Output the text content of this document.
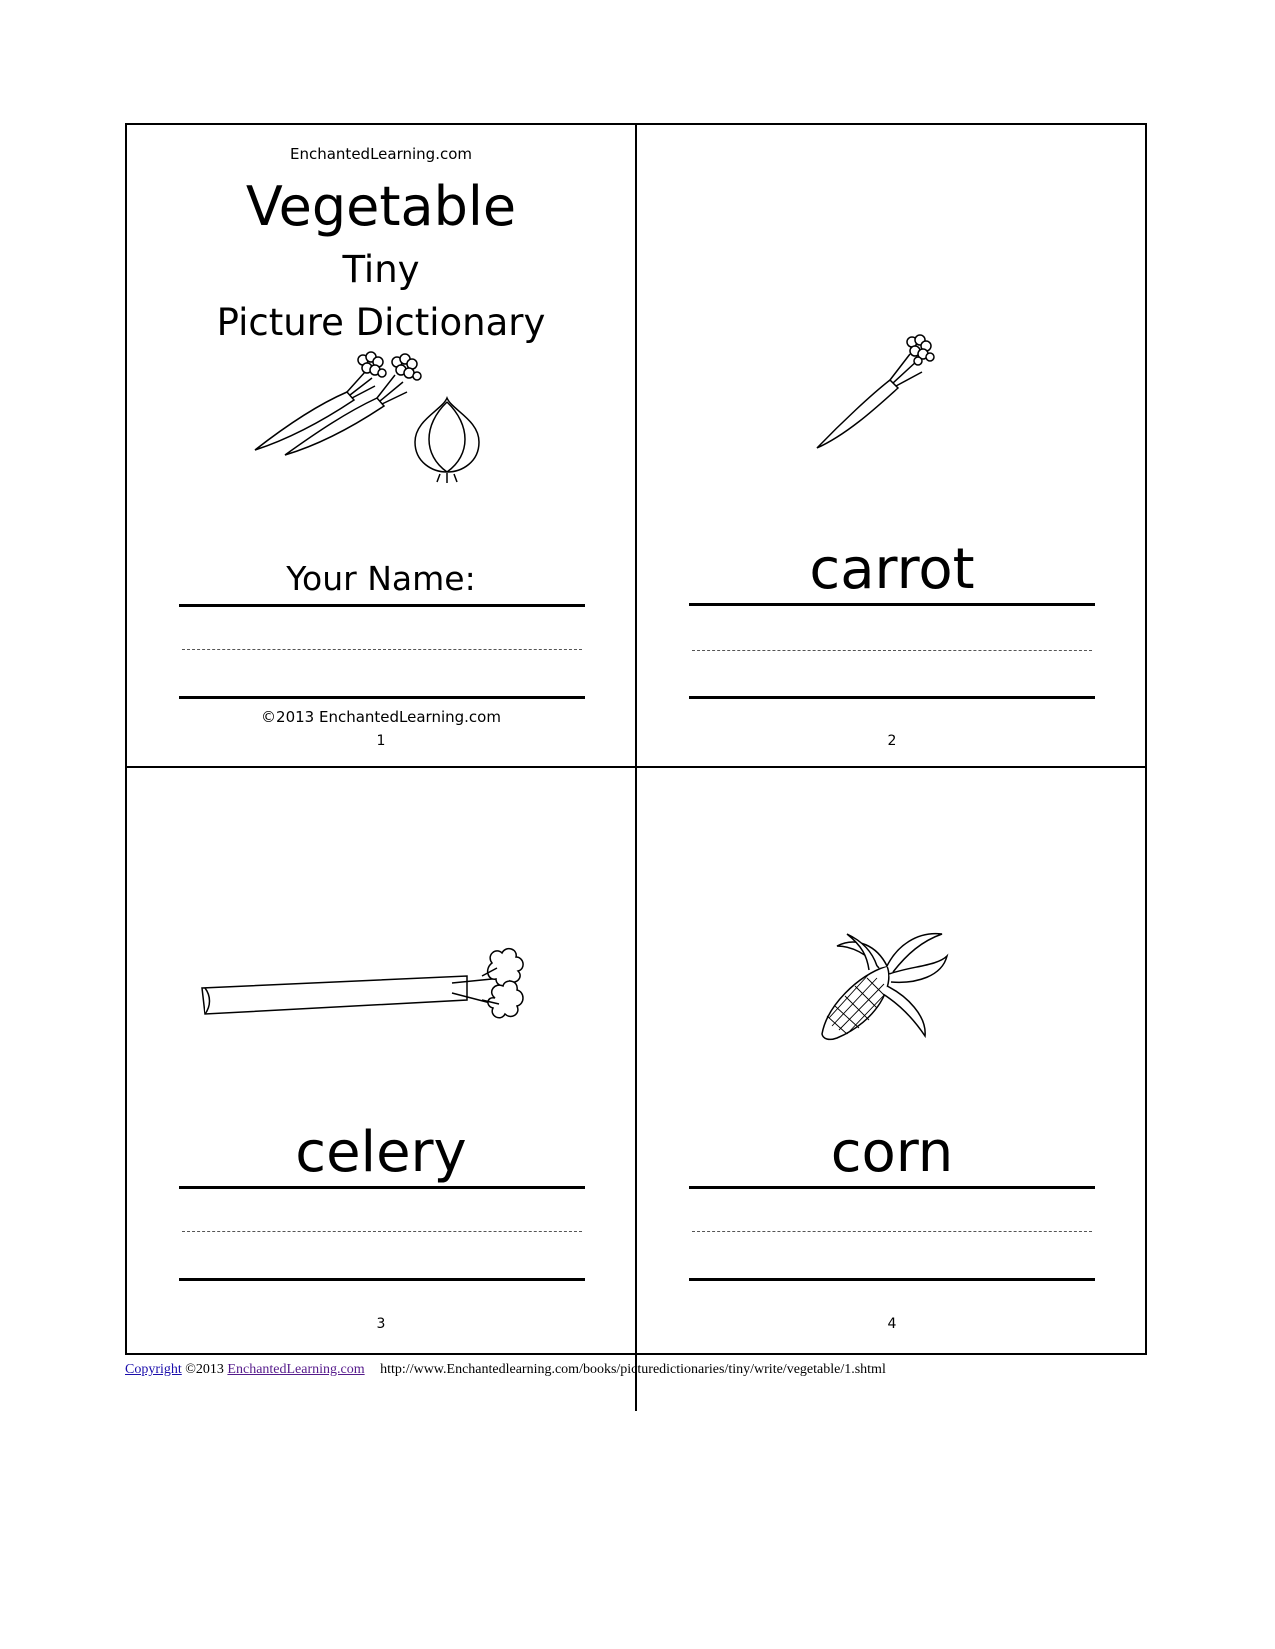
EnchantedLearning.com
Vegetable
Tiny
Picture Dictionary
Your Name:
©2013 EnchantedLearning.com
1
carrot
2
celery
3
corn
4
Copyright ©2013 EnchantedLearning.com http://www.Enchantedlearning.com/books/picturedictionaries/tiny/write/vegetable/1.shtml
